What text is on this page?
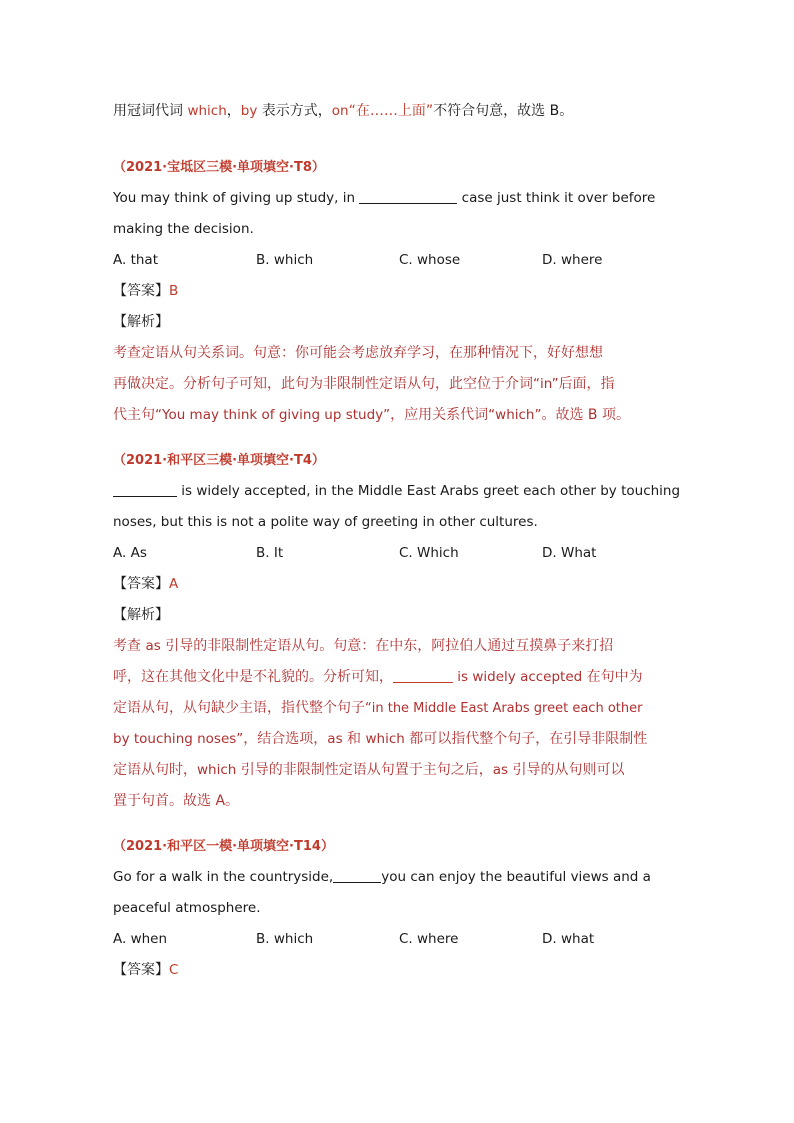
用冠词代词 which，by 表示方式，on“在……上面”不符合句意，故选 B。
（2021·宝坻区三模·单项填空·T8）
You may think of giving up study, in	case just think it over before
making the decision.
A. that	B. which	C. whose	D. where
【答案】B
【解析】
考查定语从句关系词。句意：你可能会考虑放弃学习，在那种情况下，好好想想
再做决定。分析句子可知，此句为非限制性定语从句，此空位于介词“in”后面，指
代主句“You may think of giving up study”，应用关系代词“which”。故选 B 项。
（2021·和平区三模·单项填空·T4）
is widely accepted, in the Middle East Arabs greet each other by touching
noses, but this is not a polite way of greeting in other cultures.
A. As	B. It	C. Which	D. What
【答案】A
【解析】
考查 as 引导的非限制性定语从句。句意：在中东，阿拉伯人通过互摸鼻子来打招
呼，这在其他文化中是不礼貌的。分析可知，	is widely accepted 在句中为
定语从句，从句缺少主语，指代整个句子“in the Middle East Arabs greet each other
by touching noses”，结合选项，as 和 which 都可以指代整个句子，在引导非限制性
定语从句时，which 引导的非限制性定语从句置于主句之后，as 引导的从句则可以
置于句首。故选 A。
（2021·和平区一模·单项填空·T14）
Go for a walk in the countryside,	you can enjoy the beautiful views and a
peaceful atmosphere.
A. when	B. which	C. where	D. what
【答案】C
